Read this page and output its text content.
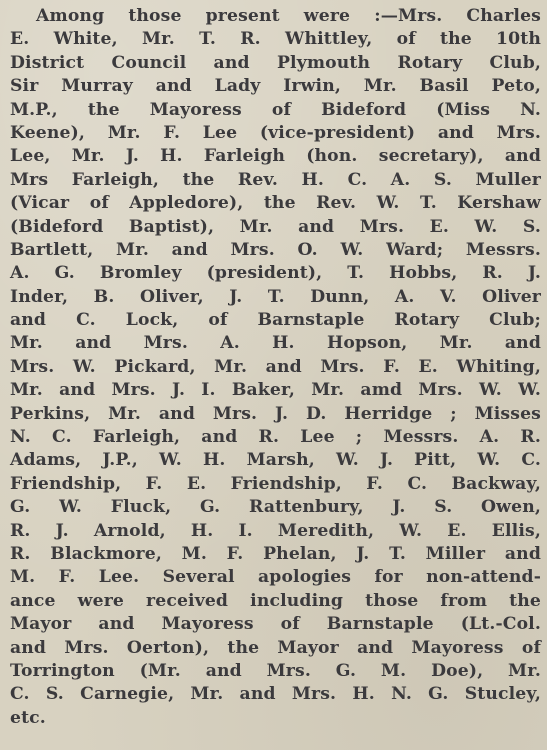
Among those present were :—Mrs. Charles
E. White, Mr. T. R. Whittley, of the 10th
District Council and Plymouth Rotary Club,
Sir Murray and Lady Irwin, Mr. Basil Peto,
M.P., the Mayoress of Bideford (Miss N.
Keene), Mr. F. Lee (vice-president) and Mrs.
Lee, Mr. J. H. Farleigh (hon. secretary), and
Mrs Farleigh, the Rev. H. C. A. S. Muller
(Vicar of Appledore), the Rev. W. T. Kershaw
(Bideford Baptist), Mr. and Mrs. E. W. S.
Bartlett, Mr. and Mrs. O. W. Ward; Messrs.
A. G. Bromley (president), T. Hobbs, R. J.
Inder, B. Oliver, J. T. Dunn, A. V. Oliver
and C. Lock, of Barnstaple Rotary Club;
Mr. and Mrs. A. H. Hopson, Mr. and
Mrs. W. Pickard, Mr. and Mrs. F. E. Whiting,
Mr. and Mrs. J. I. Baker, Mr. amd Mrs. W. W.
Perkins, Mr. and Mrs. J. D. Herridge ; Misses
N. C. Farleigh, and R. Lee ; Messrs. A. R.
Adams, J.P., W. H. Marsh, W. J. Pitt, W. C.
Friendship, F. E. Friendship, F. C. Backway,
G. W. Fluck, G. Rattenbury, J. S. Owen,
R. J. Arnold, H. I. Meredith, W. E. Ellis,
R. Blackmore, M. F. Phelan, J. T. Miller and
M. F. Lee. Several apologies for non-attend-
ance were received including those from the
Mayor and Mayoress of Barnstaple (Lt.-Col.
and Mrs. Oerton), the Mayor and Mayoress of
Torrington (Mr. and Mrs. G. M. Doe), Mr.
C. S. Carnegie, Mr. and Mrs. H. N. G. Stucley,
etc.
